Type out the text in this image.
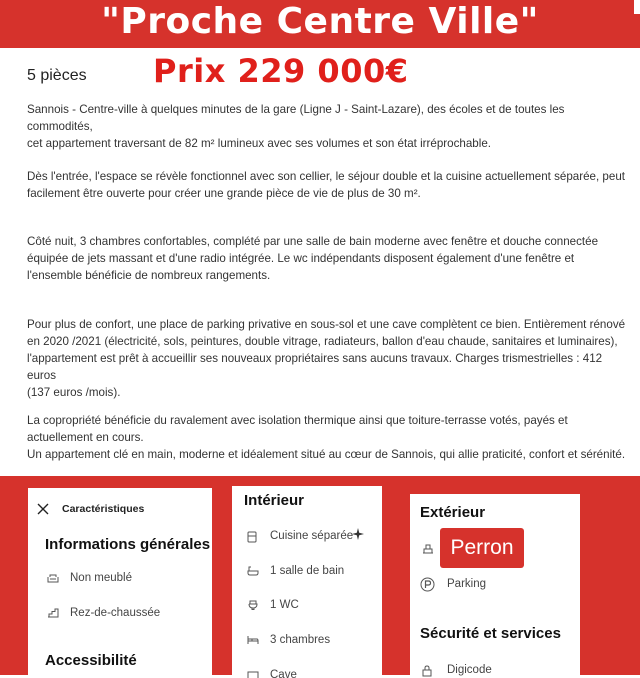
"Proche Centre Ville"
5 pièces Prix 229 000€
Sannois - Centre-ville à quelques minutes de la gare (Ligne J - Saint-Lazare), des écoles et de toutes les commodités,
cet appartement traversant de 82 m² lumineux avec ses volumes et son état irréprochable.
Dès l'entrée, l'espace se révèle fonctionnel avec son cellier, le séjour double et la cuisine actuellement séparée, peut
facilement être ouverte pour créer une grande pièce de vie de plus de 30 m².
Côté nuit, 3 chambres confortables, complété par une salle de bain moderne avec fenêtre et douche connectée
équipée de jets massant et d'une radio intégrée. Le wc indépendants disposent également d'une fenêtre et
l'ensemble bénéficie de nombreux rangements.
Pour plus de confort, une place de parking privative en sous-sol et une cave complètent ce bien. Entièrement rénové
en 2020 /2021 (électricité, sols, peintures, double vitrage, radiateurs, ballon d'eau chaude, sanitaires et luminaires),
l'appartement est prêt à accueillir ses nouveaux propriétaires sans aucuns travaux. Charges trismestrielles : 412 euros
(137 euros /mois).
La copropriété bénéficie du ravalement avec isolation thermique ainsi que toiture-terrasse votés, payés et
actuellement en cours.
Un appartement clé en main, moderne et idéalement situé au cœur de Sannois, qui allie praticité, confort et sérénité.
Caractéristiques
Informations générales
Non meublé
Rez-de-chaussée
Accessibilité
Intérieur
Cuisine séparée
1 salle de bain
1 WC
3 chambres
Cave
Extérieur
Parking
Sécurité et services
Digicode
Perron
